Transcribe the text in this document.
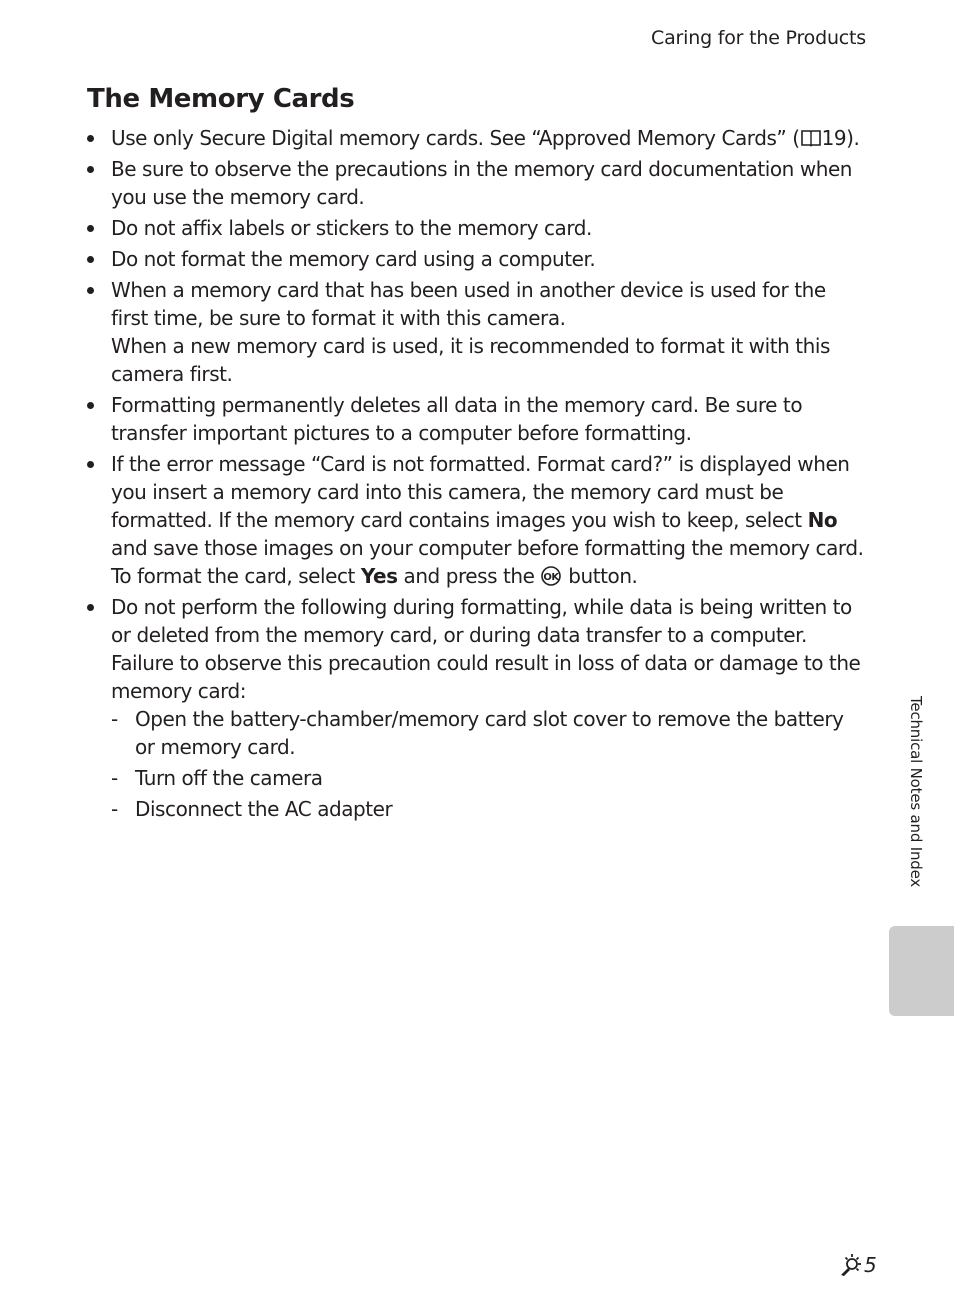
Caring for the Products
The Memory Cards
Use only Secure Digital memory cards. See “Approved Memory Cards” ( 19).
Be sure to observe the precautions in the memory card documentation when you use the memory card.
Do not affix labels or stickers to the memory card.
Do not format the memory card using a computer.
When a memory card that has been used in another device is used for the first time, be sure to format it with this camera.
When a new memory card is used, it is recommended to format it with this camera first.
Formatting permanently deletes all data in the memory card. Be sure to transfer important pictures to a computer before formatting.
If the error message “Card is not formatted. Format card?” is displayed when you insert a memory card into this camera, the memory card must be formatted. If the memory card contains images you wish to keep, select No and save those images on your computer before formatting the memory card. To format the card, select Yes and press the OK button.
Do not perform the following during formatting, while data is being written to or deleted from the memory card, or during data transfer to a computer. Failure to observe this precaution could result in loss of data or damage to the memory card:
- Open the battery-chamber/memory card slot cover to remove the battery or memory card.
- Turn off the camera
- Disconnect the AC adapter	Technical Notes and Index
5
